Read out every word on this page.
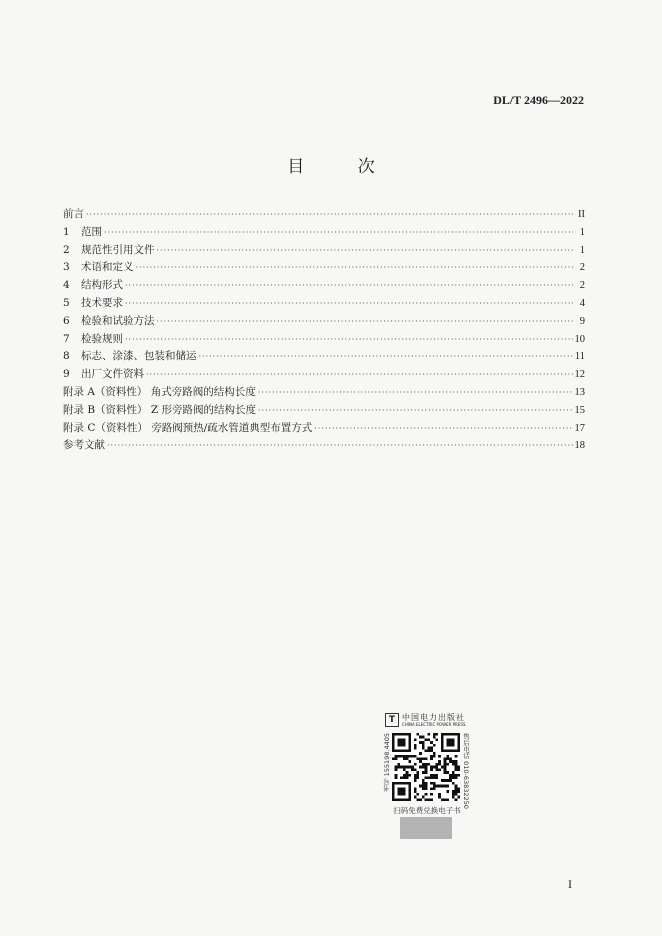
DL/T 2496—2022
目 次
前言 ·····	II
1	范围 ·····	1
2	规范性引用文件 ·····	1
3	术语和定义 ·····	2
4	结构形式 ·····	2
5	技术要求 ·····	4
6	检验和试验方法 ·····	9
7	检验规则 ·····	10
8	标志、涂漆、包装和储运 ·····	11
9	出厂文件资料 ·····	12
附录 A（资料性） 角式旁路阀的结构长度 ·····	13
附录 B（资料性） Z 形旁路阀的结构长度 ·····	15
附录 C（资料性） 旁路阀预热/疏水管道典型布置方式 ·····	17
参考文献 ·····	18
T 中国电力出版社
CHINA ELECTRIC POWER PRESS
书号 155198.4405	售后电话 010-63832250
扫码免费兑换电子书
I
